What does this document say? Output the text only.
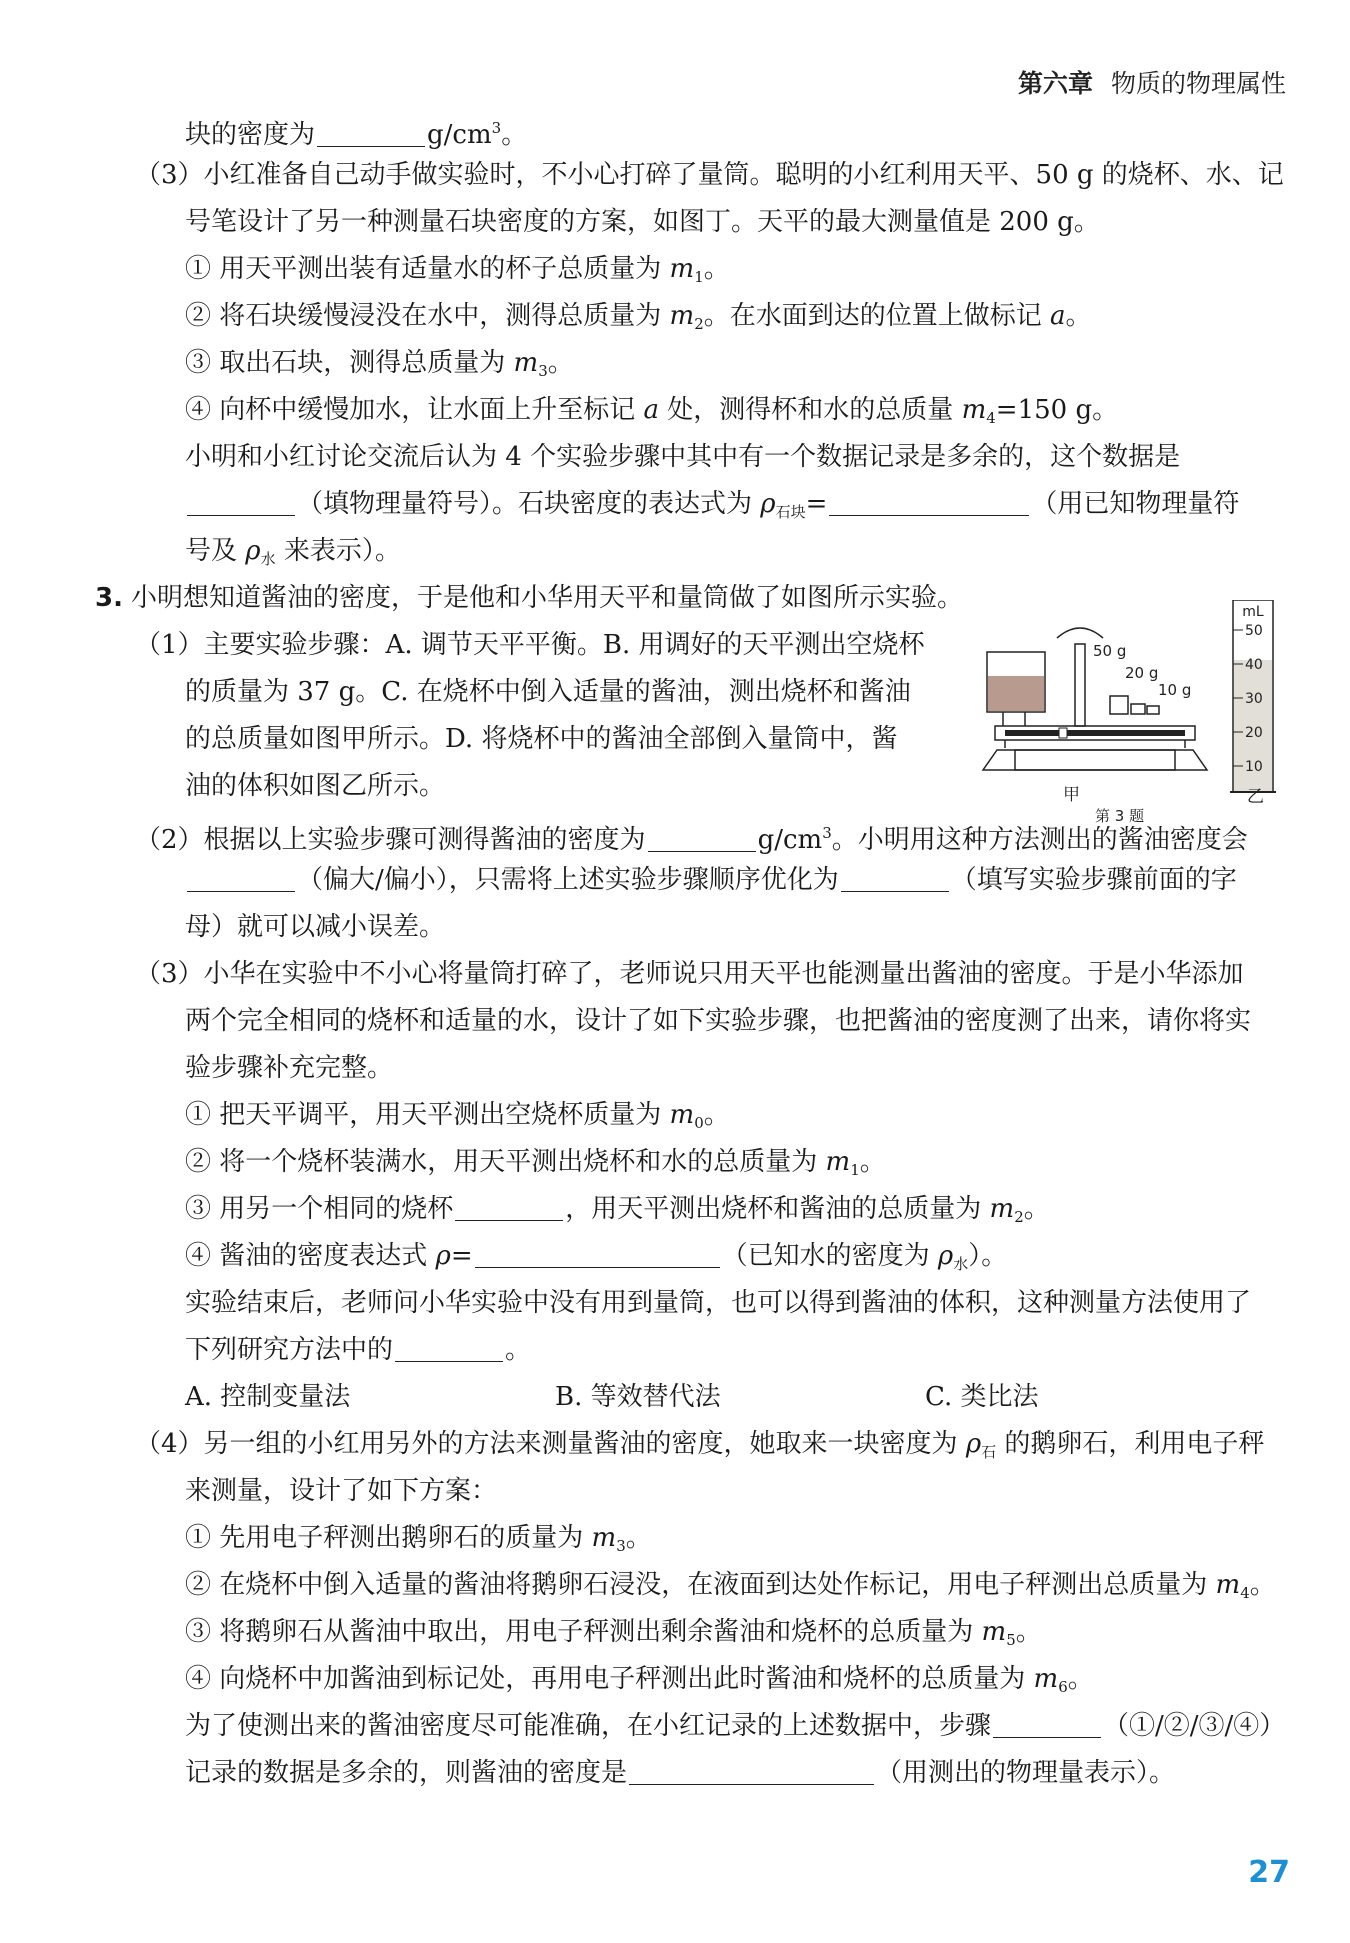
第六章 物质的物理属性
块的密度为	$g/cm^3$。
（3）小红准备自己动手做实验时，不小心打碎了量筒。聪明的小红利用天平、50 g 的烧杯、水、记
号笔设计了另一种测量石块密度的方案，如图丁。天平的最大测量值是 200 g。
① 用天平测出装有适量水的杯子总质量为 $m_1$。
② 将石块缓慢浸没在水中，测得总质量为 $m_2$。在水面到达的位置上做标记 a。
③ 取出石块，测得总质量为 $m_3$。
④ 向杯中缓慢加水，让水面上升至标记 a 处，测得杯和水的总质量 $m_4=150$ g。
小明和小红讨论交流后认为 4 个实验步骤中其中有一个数据记录是多余的，这个数据是
（填物理量符号）。石块密度的表达式为 ρ石块=	（用已知物理量符
号及 ρ水 来表示）。
3. 小明想知道酱油的密度，于是他和小华用天平和量筒做了如图所示实验。
（1）主要实验步骤：A. 调节天平平衡。B. 用调好的天平测出空烧杯
的质量为 37 g。C. 在烧杯中倒入适量的酱油，测出烧杯和酱油
的总质量如图甲所示。D. 将烧杯中的酱油全部倒入量筒中，酱
油的体积如图乙所示。
（2）根据以上实验步骤可测得酱油的密度为	$g/cm^3$。小明用这种方法测出的酱油密度会
（偏大/偏小），只需将上述实验步骤顺序优化为	（填写实验步骤前面的字
母）就可以减小误差。
（3）小华在实验中不小心将量筒打碎了，老师说只用天平也能测量出酱油的密度。于是小华添加
两个完全相同的烧杯和适量的水，设计了如下实验步骤，也把酱油的密度测了出来，请你将实
验步骤补充完整。
① 把天平调平，用天平测出空烧杯质量为 $m_0$。
② 将一个烧杯装满水，用天平测出烧杯和水的总质量为 $m_1$。
③ 用另一个相同的烧杯	，用天平测出烧杯和酱油的总质量为 $m_2$。
④ 酱油的密度表达式 ρ=	（已知水的密度为 ρ水）。
实验结束后，老师问小华实验中没有用到量筒，也可以得到酱油的体积，这种测量方法使用了
下列研究方法中的	。
A. 控制变量法	B. 等效替代法	C. 类比法
（4）另一组的小红用另外的方法来测量酱油的密度，她取来一块密度为 ρ石 的鹅卵石，利用电子秤
来测量，设计了如下方案：
① 先用电子秤测出鹅卵石的质量为 $m_3$。
② 在烧杯中倒入适量的酱油将鹅卵石浸没，在液面到达处作标记，用电子秤测出总质量为 $m_4$。
③ 将鹅卵石从酱油中取出，用电子秤测出剩余酱油和烧杯的总质量为 $m_5$。
④ 向烧杯中加酱油到标记处，再用电子秤测出此时酱油和烧杯的总质量为 $m_6$。
为了使测出来的酱油密度尽可能准确，在小红记录的上述数据中，步骤	（①/②/③/④）
记录的数据是多余的，则酱油的密度是	（用测出的物理量表示）。
50 g
20 g
10 g
mL
50
40
30
20
10
甲	乙
第 3 题
27
